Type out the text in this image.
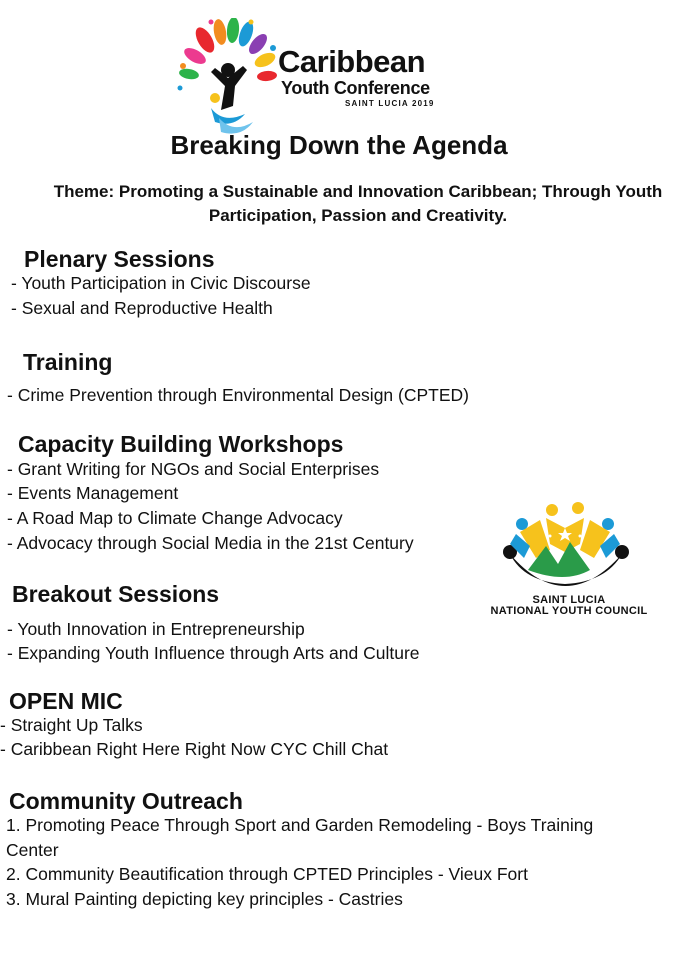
Caribbean
Youth Conference
SAINT LUCIA 2019
Breaking Down the Agenda
Theme: Promoting a Sustainable and Innovation Caribbean; Through Youth Participation, Passion and Creativity.
Plenary Sessions
- Youth Participation in Civic Discourse
- Sexual and Reproductive Health
Training
- Crime Prevention through Environmental Design (CPTED)
Capacity Building Workshops
- Grant Writing for NGOs and Social Enterprises
- Events Management
- A Road Map to Climate Change Advocacy
- Advocacy through Social Media in the 21st Century
Breakout Sessions
- Youth Innovation in Entrepreneurship
- Expanding Youth Influence through Arts and Culture
OPEN MIC
- Straight Up Talks
- Caribbean Right Here Right Now CYC Chill Chat
Community Outreach
1. Promoting Peace Through Sport and Garden Remodeling - Boys Training Center
2. Community Beautification through CPTED Principles - Vieux Fort
3. Mural Painting depicting key principles - Castries
SAINT LUCIA
NATIONAL YOUTH COUNCIL
